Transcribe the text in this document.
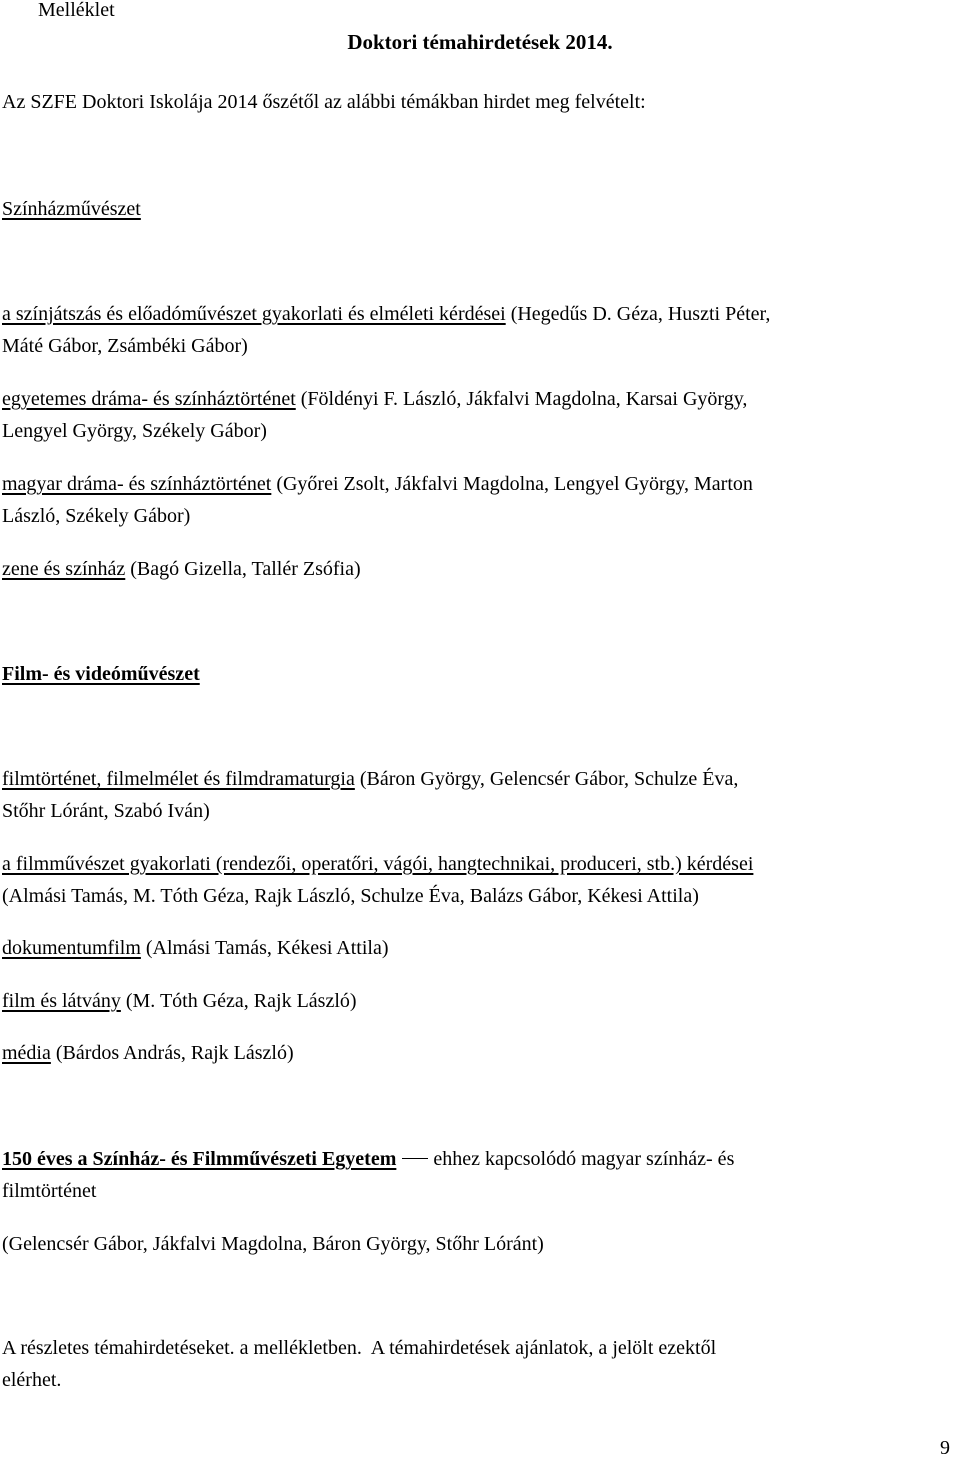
Melléklet
Doktori témahirdetések 2014.
Az SZFE Doktori Iskolája 2014 őszétől az alábbi témákban hirdet meg felvételt:
Színházművészet

a színjátszás és előadóművészet gyakorlati és elméleti kérdései (Hegedűs D. Géza, Huszti Péter,

Máté Gábor, Zsámbéki Gábor)

egyetemes dráma- és színháztörténet (Földényi F. László, Jákfalvi Magdolna, Karsai György,

Lengyel György, Székely Gábor)

magyar dráma- és színháztörténet (Győrei Zsolt, Jákfalvi Magdolna, Lengyel György, Marton

László, Székely Gábor)

zene és színház (Bagó Gizella, Tallér Zsófia)

Film- és videóművészet

filmtörténet, filmelmélet és filmdramaturgia (Báron György, Gelencsér Gábor, Schulze Éva,

Stőhr Lóránt, Szabó Iván)

a filmművészet gyakorlati (rendezői, operatőri, vágói, hangtechnikai, produceri, stb.) kérdései

(Almási Tamás, M. Tóth Géza, Rajk László, Schulze Éva, Balázs Gábor, Kékesi Attila)

dokumentumfilm (Almási Tamás, Kékesi Attila)

film és látvány (M. Tóth Géza, Rajk László)

média (Bárdos András, Rajk László)

150 éves a Színház- és Filmművészeti Egyetem ehhez kapcsolódó magyar színház- és

filmtörténet

(Gelencsér Gábor, Jákfalvi Magdolna, Báron György, Stőhr Lóránt)

A részletes témahirdetéseket. a mellékletben.  A témahirdetések ajánlatok, a jelölt ezektől

elérhet.

9
